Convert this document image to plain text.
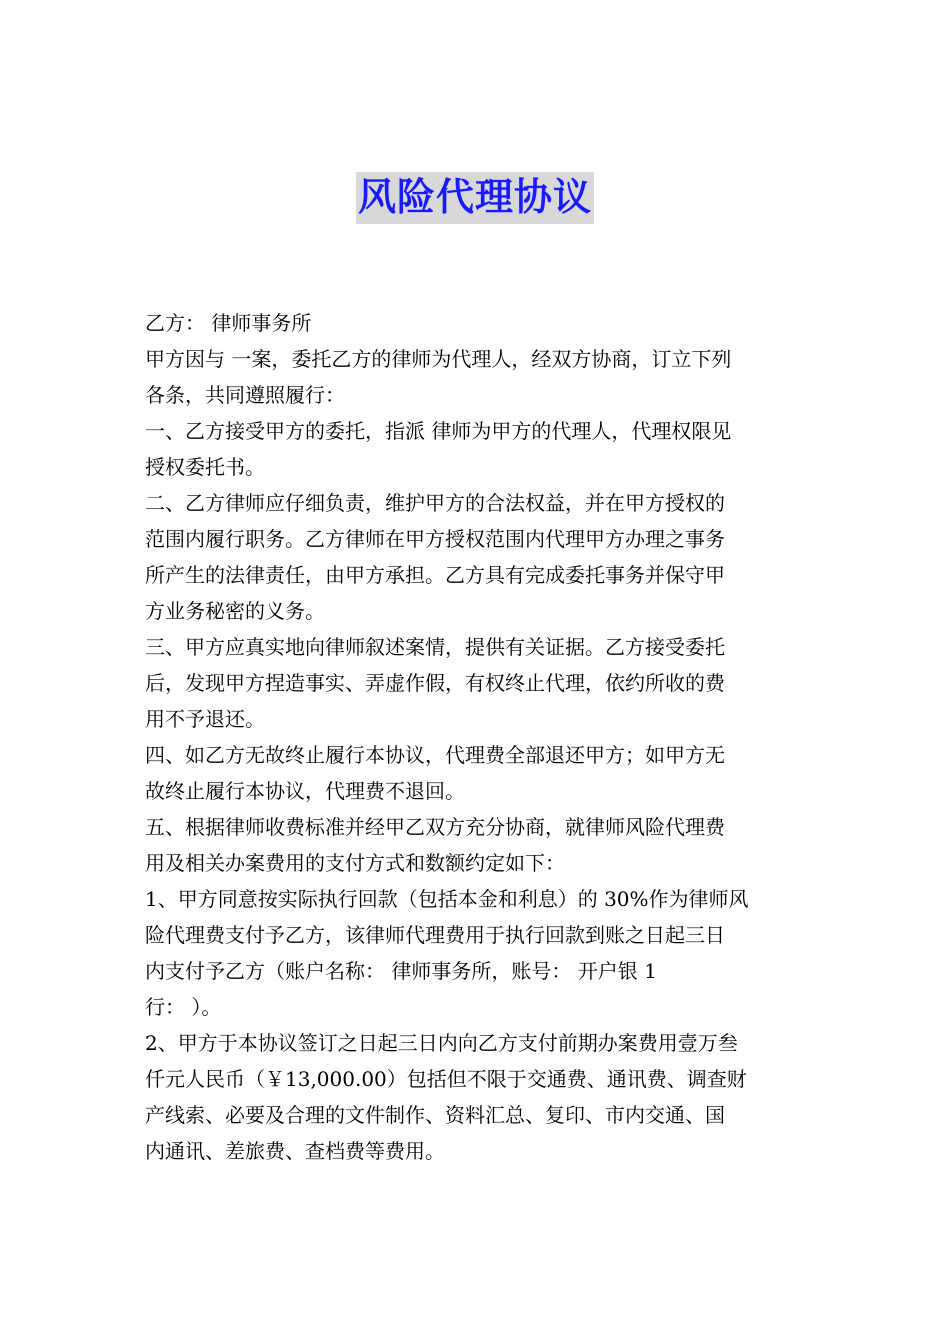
风险代理协议
乙方： 律师事务所
甲方因与 一案，委托乙方的律师为代理人，经双方协商，订立下列
各条，共同遵照履行：
一、乙方接受甲方的委托，指派 律师为甲方的代理人，代理权限见
授权委托书。
二、乙方律师应仔细负责，维护甲方的合法权益，并在甲方授权的
范围内履行职务。乙方律师在甲方授权范围内代理甲方办理之事务
所产生的法律责任，由甲方承担。乙方具有完成委托事务并保守甲
方业务秘密的义务。
三、甲方应真实地向律师叙述案情，提供有关证据。乙方接受委托
后，发现甲方捏造事实、弄虚作假，有权终止代理，依约所收的费
用不予退还。
四、如乙方无故终止履行本协议，代理费全部退还甲方；如甲方无
故终止履行本协议，代理费不退回。
五、根据律师收费标准并经甲乙双方充分协商，就律师风险代理费
用及相关办案费用的支付方式和数额约定如下：
1、甲方同意按实际执行回款（包括本金和利息）的 30%作为律师风
险代理费支付予乙方，该律师代理费用于执行回款到账之日起三日
内支付予乙方（账户名称： 律师事务所，账号： 开户银 1
行： ）。
2、甲方于本协议签订之日起三日内向乙方支付前期办案费用壹万叁
仟元人民币（￥13,000.00）包括但不限于交通费、通讯费、调查财
产线索、必要及合理的文件制作、资料汇总、复印、市内交通、国
内通讯、差旅费、查档费等费用。
